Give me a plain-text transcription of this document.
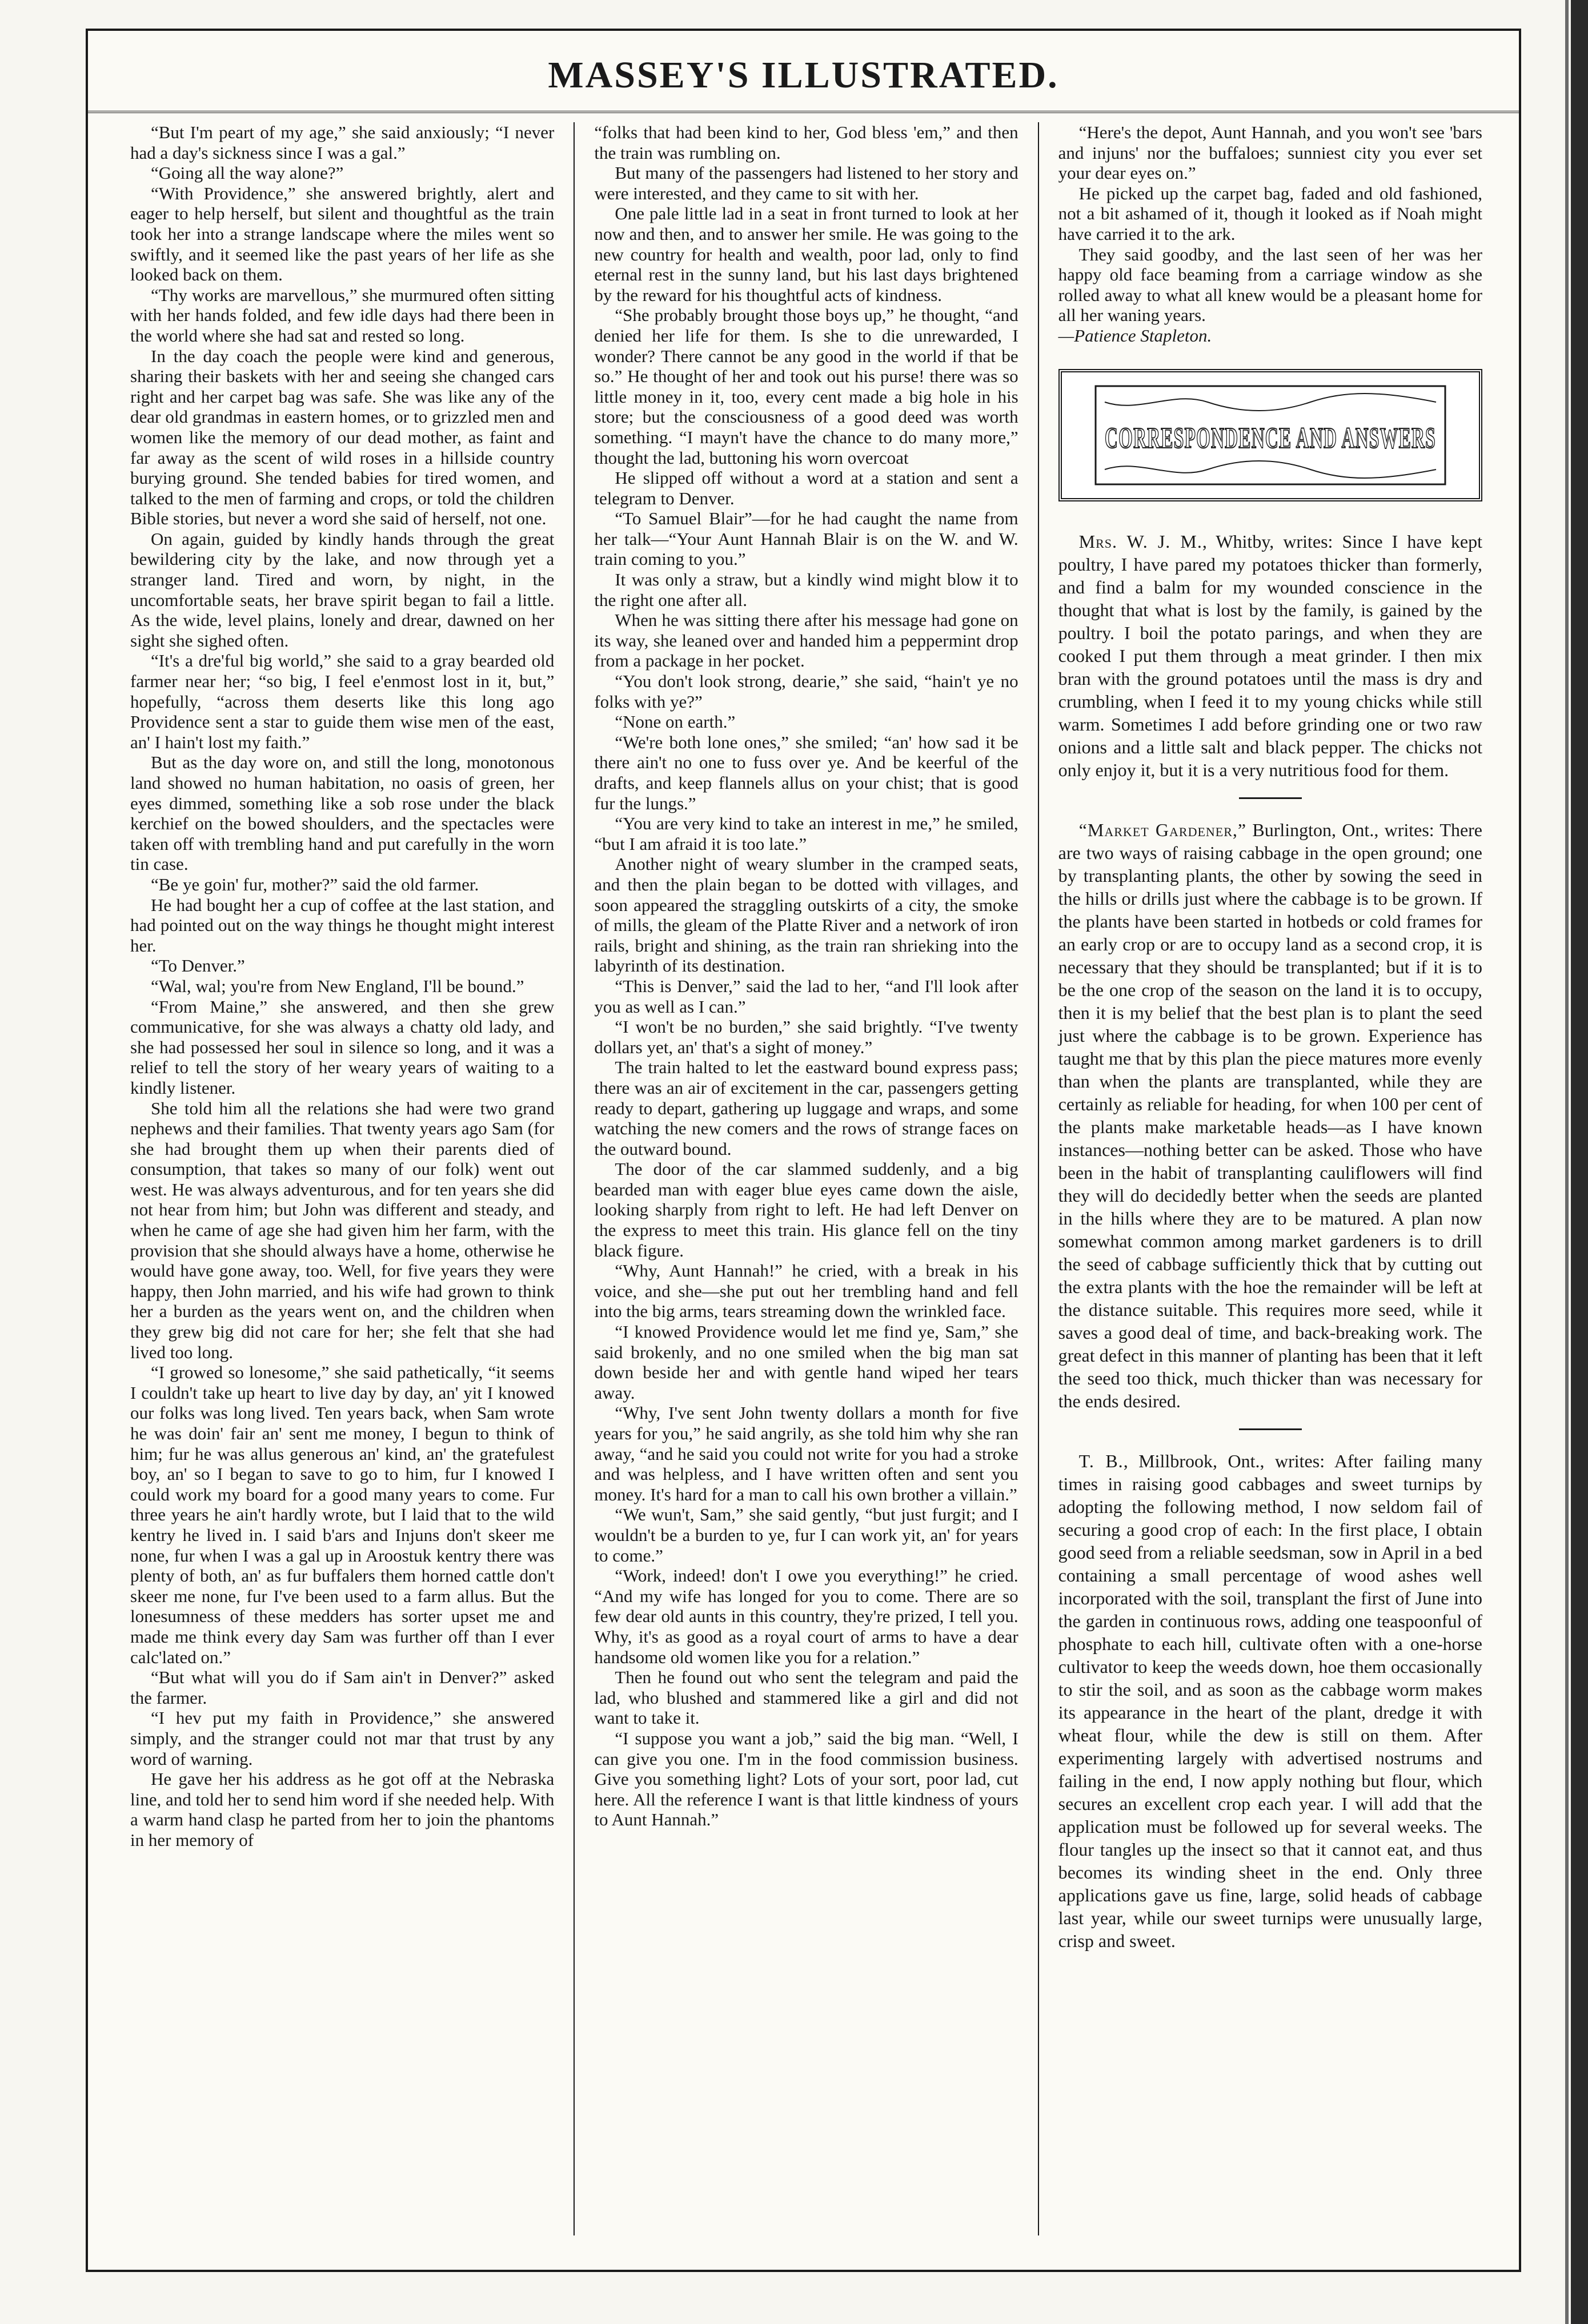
MASSEY'S ILLUSTRATED.

“But I'm peart of my age,” she said anxiously; “I never had a day's sickness since I was a gal.”

“Going all the way alone?”

“With Providence,” she answered brightly, alert and eager to help herself, but silent and thoughtful as the train took her into a strange landscape where the miles went so swiftly, and it seemed like the past years of her life as she looked back on them.

“Thy works are marvellous,” she murmured often sitting with her hands folded, and few idle days had there been in the world where she had sat and rested so long.

In the day coach the people were kind and generous, sharing their baskets with her and seeing she changed cars right and her carpet bag was safe. She was like any of the dear old grandmas in eastern homes, or to grizzled men and women like the memory of our dead mother, as faint and far away as the scent of wild roses in a hillside country burying ground. She tended babies for tired women, and talked to the men of farming and crops, or told the children Bible stories, but never a word she said of herself, not one.

On again, guided by kindly hands through the great bewildering city by the lake, and now through yet a stranger land. Tired and worn, by night, in the uncomfortable seats, her brave spirit began to fail a little. As the wide, level plains, lonely and drear, dawned on her sight she sighed often.

“It's a dre'ful big world,” she said to a gray bearded old farmer near her; “so big, I feel e'enmost lost in it, but,” hopefully, “across them deserts like this long ago Providence sent a star to guide them wise men of the east, an' I hain't lost my faith.”

But as the day wore on, and still the long, monotonous land showed no human habitation, no oasis of green, her eyes dimmed, something like a sob rose under the black kerchief on the bowed shoulders, and the spectacles were taken off with trembling hand and put carefully in the worn tin case.

“Be ye goin' fur, mother?” said the old farmer.

He had bought her a cup of coffee at the last station, and had pointed out on the way things he thought might interest her.

“To Denver.”

“Wal, wal; you're from New England, I'll be bound.”

“From Maine,” she answered, and then she grew communicative, for she was always a chatty old lady, and she had possessed her soul in silence so long, and it was a relief to tell the story of her weary years of waiting to a kindly listener.

She told him all the relations she had were two grand nephews and their families. That twenty years ago Sam (for she had brought them up when their parents died of consumption, that takes so many of our folk) went out west. He was always adventurous, and for ten years she did not hear from him; but John was different and steady, and when he came of age she had given him her farm, with the provision that she should always have a home, otherwise he would have gone away, too. Well, for five years they were happy, then John married, and his wife had grown to think her a burden as the years went on, and the children when they grew big did not care for her; she felt that she had lived too long.

“I growed so lonesome,” she said pathetically, “it seems I couldn't take up heart to live day by day, an' yit I knowed our folks was long lived. Ten years back, when Sam wrote he was doin' fair an' sent me money, I begun to think of him; fur he was allus generous an' kind, an' the gratefulest boy, an' so I began to save to go to him, fur I knowed I could work my board for a good many years to come. Fur three years he ain't hardly wrote, but I laid that to the wild kentry he lived in. I said b'ars and Injuns don't skeer me none, fur when I was a gal up in Aroostuk kentry there was plenty of both, an' as fur buffalers them horned cattle don't skeer me none, fur I've been used to a farm allus. But the lonesumness of these medders has sorter upset me and made me think every day Sam was further off than I ever calc'lated on.”

“But what will you do if Sam ain't in Denver?” asked the farmer.

“I hev put my faith in Providence,” she answered simply, and the stranger could not mar that trust by any word of warning.

He gave her his address as he got off at the Nebraska line, and told her to send him word if she needed help. With a warm hand clasp he parted from her to join the phantoms in her memory of

“folks that had been kind to her, God bless 'em,” and then the train was rumbling on.

But many of the passengers had listened to her story and were interested, and they came to sit with her.

One pale little lad in a seat in front turned to look at her now and then, and to answer her smile. He was going to the new country for health and wealth, poor lad, only to find eternal rest in the sunny land, but his last days brightened by the reward for his thoughtful acts of kindness.

“She probably brought those boys up,” he thought, “and denied her life for them. Is she to die unrewarded, I wonder? There cannot be any good in the world if that be so.” He thought of her and took out his purse! there was so little money in it, too, every cent made a big hole in his store; but the consciousness of a good deed was worth something. “I mayn't have the chance to do many more,” thought the lad, buttoning his worn overcoat

He slipped off without a word at a station and sent a telegram to Denver.

“To Samuel Blair”—for he had caught the name from her talk—“Your Aunt Hannah Blair is on the W. and W. train coming to you.”

It was only a straw, but a kindly wind might blow it to the right one after all.

When he was sitting there after his message had gone on its way, she leaned over and handed him a peppermint drop from a package in her pocket.

“You don't look strong, dearie,” she said, “hain't ye no folks with ye?”

“None on earth.”

“We're both lone ones,” she smiled; “an' how sad it be there ain't no one to fuss over ye. And be keerful of the drafts, and keep flannels allus on your chist; that is good fur the lungs.”

“You are very kind to take an interest in me,” he smiled, “but I am afraid it is too late.”

Another night of weary slumber in the cramped seats, and then the plain began to be dotted with villages, and soon appeared the straggling outskirts of a city, the smoke of mills, the gleam of the Platte River and a network of iron rails, bright and shining, as the train ran shrieking into the labyrinth of its destination.

“This is Denver,” said the lad to her, “and I'll look after you as well as I can.”

“I won't be no burden,” she said brightly. “I've twenty dollars yet, an' that's a sight of money.”

The train halted to let the eastward bound express pass; there was an air of excitement in the car, passengers getting ready to depart, gathering up luggage and wraps, and some watching the new comers and the rows of strange faces on the outward bound.

The door of the car slammed suddenly, and a big bearded man with eager blue eyes came down the aisle, looking sharply from right to left. He had left Denver on the express to meet this train. His glance fell on the tiny black figure.

“Why, Aunt Hannah!” he cried, with a break in his voice, and she—she put out her trembling hand and fell into the big arms, tears streaming down the wrinkled face.

“I knowed Providence would let me find ye, Sam,” she said brokenly, and no one smiled when the big man sat down beside her and with gentle hand wiped her tears away.

“Why, I've sent John twenty dollars a month for five years for you,” he said angrily, as she told him why she ran away, “and he said you could not write for you had a stroke and was helpless, and I have written often and sent you money. It's hard for a man to call his own brother a villain.”

“We wun't, Sam,” she said gently, “but just furgit; and I wouldn't be a burden to ye, fur I can work yit, an' for years to come.”

“Work, indeed! don't I owe you everything!” he cried. “And my wife has longed for you to come. There are so few dear old aunts in this country, they're prized, I tell you. Why, it's as good as a royal court of arms to have a dear handsome old women like you for a relation.”

Then he found out who sent the telegram and paid the lad, who blushed and stammered like a girl and did not want to take it.

“I suppose you want a job,” said the big man. “Well, I can give you one. I'm in the food commission business. Give you something light? Lots of your sort, poor lad, cut here. All the reference I want is that little kindness of yours to Aunt Hannah.”

“Here's the depot, Aunt Hannah, and you won't see 'bars and injuns' nor the buffaloes; sunniest city you ever set your dear eyes on.”

He picked up the carpet bag, faded and old fashioned, not a bit ashamed of it, though it looked as if Noah might have carried it to the ark.

They said goodby, and the last seen of her was her happy old face beaming from a carriage window as she rolled away to what all knew would be a pleasant home for all her waning years.

—Patience Stapleton.

CORRESPONDENCE AND ANSWERS

Mrs. W. J. M., Whitby, writes: Since I have kept poultry, I have pared my potatoes thicker than formerly, and find a balm for my wounded conscience in the thought that what is lost by the family, is gained by the poultry. I boil the potato parings, and when they are cooked I put them through a meat grinder. I then mix bran with the ground potatoes until the mass is dry and crumbling, when I feed it to my young chicks while still warm. Sometimes I add before grinding one or two raw onions and a little salt and black pepper. The chicks not only enjoy it, but it is a very nutritious food for them.

“Market Gardener,” Burlington, Ont., writes: There are two ways of raising cabbage in the open ground; one by transplanting plants, the other by sowing the seed in the hills or drills just where the cabbage is to be grown. If the plants have been started in hotbeds or cold frames for an early crop or are to occupy land as a second crop, it is necessary that they should be transplanted; but if it is to be the one crop of the season on the land it is to occupy, then it is my belief that the best plan is to plant the seed just where the cabbage is to be grown. Experience has taught me that by this plan the piece matures more evenly than when the plants are transplanted, while they are certainly as reliable for heading, for when 100 per cent of the plants make marketable heads—as I have known instances—nothing better can be asked. Those who have been in the habit of transplanting cauliflowers will find they will do decidedly better when the seeds are planted in the hills where they are to be matured. A plan now somewhat common among market gardeners is to drill the seed of cabbage sufficiently thick that by cutting out the extra plants with the hoe the remainder will be left at the distance suitable. This requires more seed, while it saves a good deal of time, and back-breaking work. The great defect in this manner of planting has been that it left the seed too thick, much thicker than was necessary for the ends desired.

T. B., Millbrook, Ont., writes: After failing many times in raising good cabbages and sweet turnips by adopting the following method, I now seldom fail of securing a good crop of each: In the first place, I obtain good seed from a reliable seedsman, sow in April in a bed containing a small percentage of wood ashes well incorporated with the soil, transplant the first of June into the garden in continuous rows, adding one teaspoonful of phosphate to each hill, cultivate often with a one-horse cultivator to keep the weeds down, hoe them occasionally to stir the soil, and as soon as the cabbage worm makes its appearance in the heart of the plant, dredge it with wheat flour, while the dew is still on them. After experimenting largely with advertised nostrums and failing in the end, I now apply nothing but flour, which secures an excellent crop each year. I will add that the application must be followed up for several weeks. The flour tangles up the insect so that it cannot eat, and thus becomes its winding sheet in the end. Only three applications gave us fine, large, solid heads of cabbage last year, while our sweet turnips were unusually large, crisp and sweet.
